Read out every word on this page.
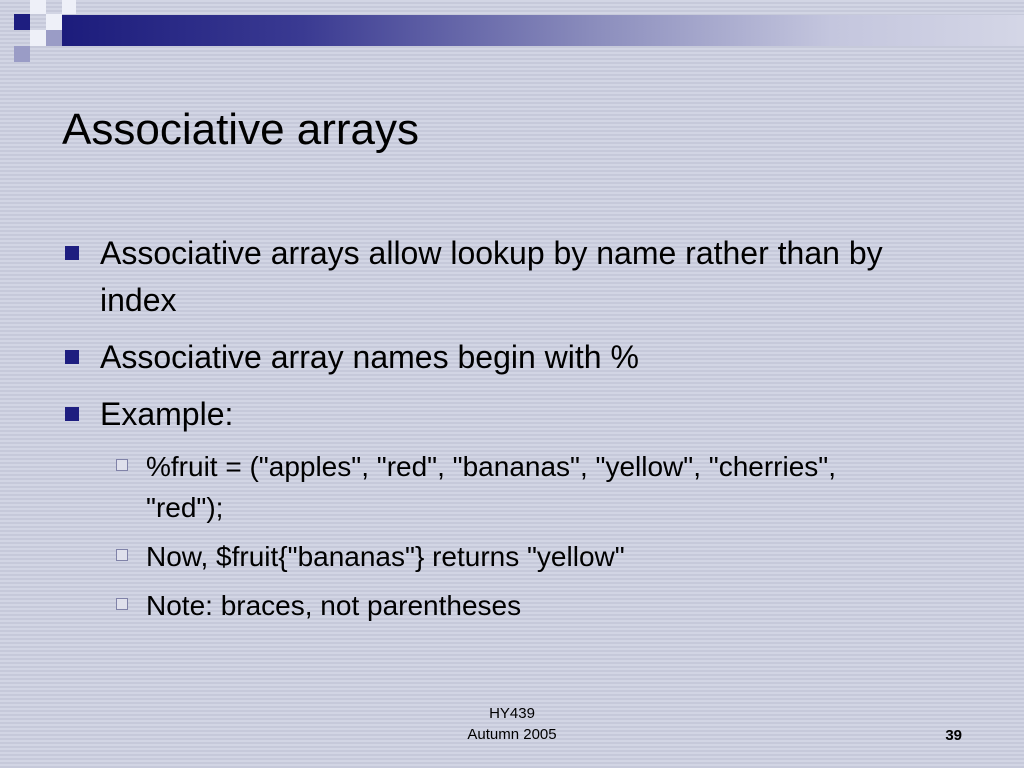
Associative arrays
Associative arrays allow lookup by name rather than by index
Associative array names begin with %
Example:
%fruit = ("apples", "red", "bananas", "yellow", "cherries", "red");
Now, $fruit{"bananas"} returns "yellow"
Note: braces, not parentheses
HY439
Autumn 2005	39
